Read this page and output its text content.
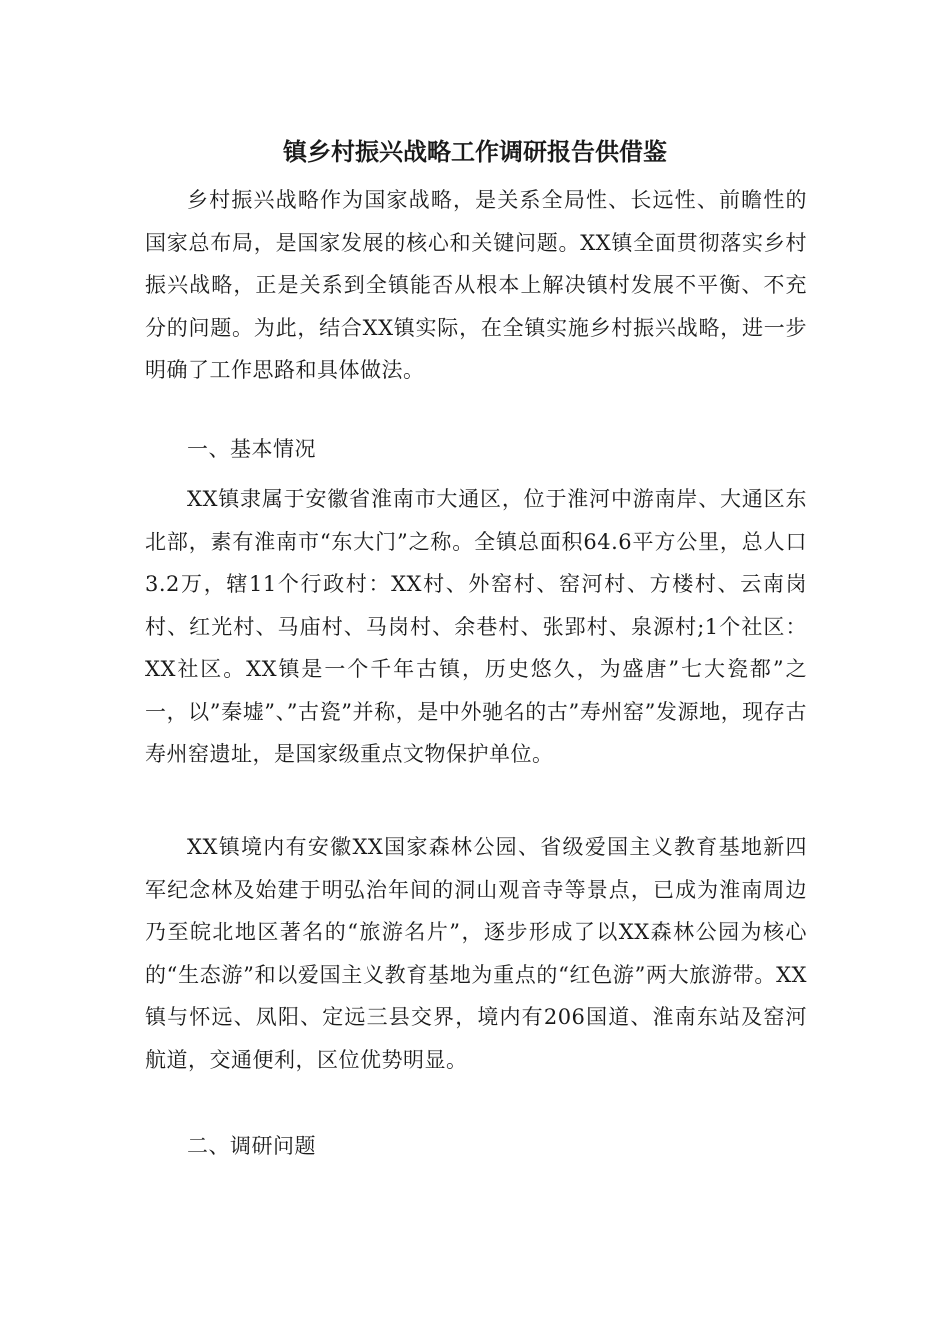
镇乡村振兴战略工作调研报告供借鉴

乡村振兴战略作为国家战略，是关系全局性、长远性、前瞻性的国家总布局，是国家发展的核心和关键问题。XX镇全面贯彻落实乡村振兴战略，正是关系到全镇能否从根本上解决镇村发展不平衡、不充分的问题。为此，结合XX镇实际，在全镇实施乡村振兴战略，进一步明确了工作思路和具体做法。

一、基本情况

XX镇隶属于安徽省淮南市大通区，位于淮河中游南岸、大通区东北部，素有淮南市“东大门”之称。全镇总面积64.6平方公里，总人口3.2万，辖11个行政村：XX村、外窑村、窑河村、方楼村、云南岗村、红光村、马庙村、马岗村、余巷村、张郢村、泉源村;1个社区：XX社区。XX镇是一个千年古镇，历史悠久，为盛唐”七大瓷都”之一，以”秦墟”、”古瓷”并称，是中外驰名的古”寿州窑”发源地，现存古寿州窑遗址，是国家级重点文物保护单位。

XX镇境内有安徽XX国家森林公园、省级爱国主义教育基地新四军纪念林及始建于明弘治年间的洞山观音寺等景点，已成为淮南周边乃至皖北地区著名的“旅游名片”，逐步形成了以XX森林公园为核心的“生态游”和以爱国主义教育基地为重点的“红色游”两大旅游带。XX镇与怀远、凤阳、定远三县交界，境内有206国道、淮南东站及窑河航道，交通便利，区位优势明显。

二、调研问题
